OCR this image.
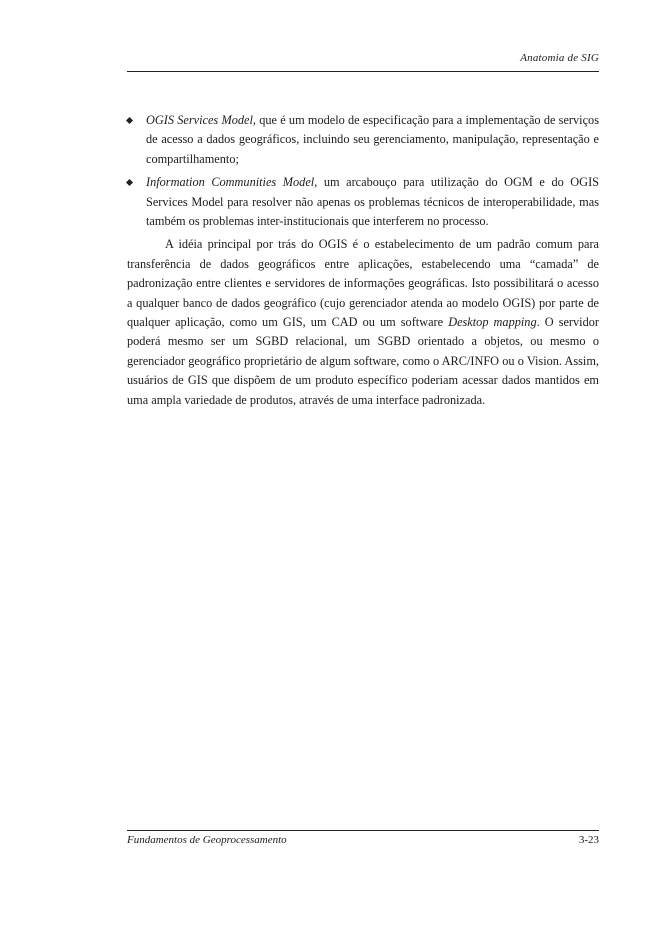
Anatomia de SIG
OGIS Services Model, que é um modelo de especificação para a implementação de serviços de acesso a dados geográficos, incluindo seu gerenciamento, manipulação, representação e compartilhamento;
Information Communities Model, um arcabouço para utilização do OGM e do OGIS Services Model para resolver não apenas os problemas técnicos de interoperabilidade, mas também os problemas inter-institucionais que interferem no processo.

A idéia principal por trás do OGIS é o estabelecimento de um padrão comum para transferência de dados geográficos entre aplicações, estabelecendo uma “camada” de padronização entre clientes e servidores de informações geográficas. Isto possibilitará o acesso a qualquer banco de dados geográfico (cujo gerenciador atenda ao modelo OGIS) por parte de qualquer aplicação, como um GIS, um CAD ou um software Desktop mapping. O servidor poderá mesmo ser um SGBD relacional, um SGBD orientado a objetos, ou mesmo o gerenciador geográfico proprietário de algum software, como o ARC/INFO ou o Vision. Assim, usuários de GIS que dispõem de um produto específico poderiam acessar dados mantidos em uma ampla variedade de produtos, através de uma interface padronizada.

Fundamentos de Geoprocessamento	3-23
